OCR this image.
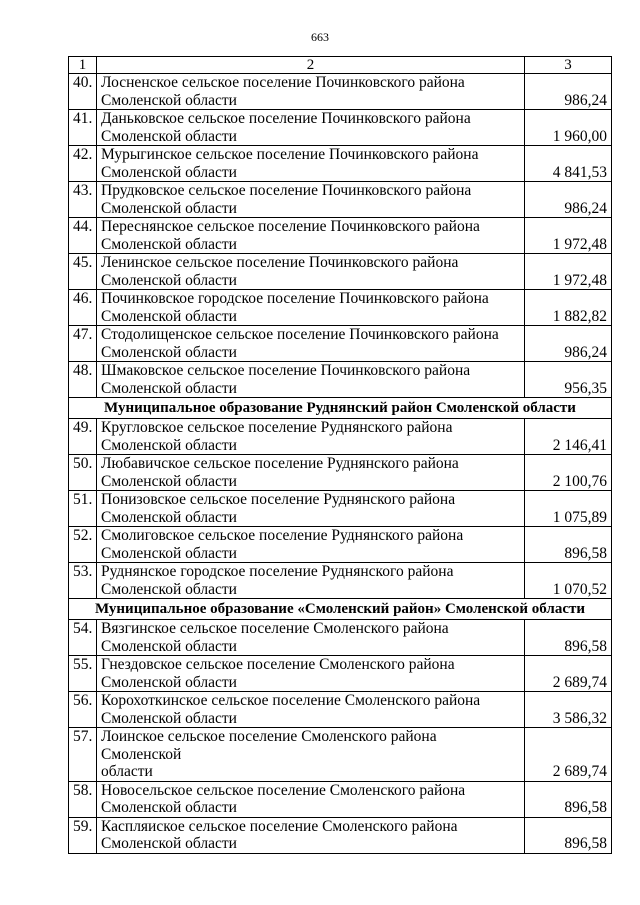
663
1	2	3
40.	Лосненское сельское поселение Починковского района
Смоленской области	986,24
41.	Даньковское сельское поселение Починковского района
Смоленской области	1 960,00
42.	Мурыгинское сельское поселение Починковского района
Смоленской области	4 841,53
43.	Прудковское сельское поселение Починковского района
Смоленской области	986,24
44.	Переснянское сельское поселение Починковского района
Смоленской области	1 972,48
45.	Ленинское сельское поселение Починковского района
Смоленской области	1 972,48
46.	Починковское городское поселение Починковского района
Смоленской области	1 882,82
47.	Стодолищенское сельское поселение Починковского района
Смоленской области	986,24
48.	Шмаковское сельское поселение Починковского района
Смоленской области	956,35
Муниципальное образование Руднянский район Смоленской области		
49.	Кругловское сельское поселение Руднянского района
Смоленской области	2 146,41
50.	Любавичское сельское поселение Руднянского района
Смоленской области	2 100,76
51.	Понизовское сельское поселение Руднянского района
Смоленской области	1 075,89
52.	Смолиговское сельское поселение Руднянского района
Смоленской области	896,58
53.	Руднянское городское поселение Руднянского района
Смоленской области	1 070,52
Муниципальное образование «Смоленский район» Смоленской области		
54.	Вязгинское сельское поселение Смоленского района
Смоленской области	896,58
55.	Гнездовское сельское поселение Смоленского района
Смоленской области	2 689,74
56.	Корохоткинское сельское поселение Смоленского района
Смоленской области	3 586,32
57.	Лоинское сельское поселение Смоленского района Смоленской
области	2 689,74
58.	Новосельское сельское поселение Смоленского района
Смоленской области	896,58
59.	Каспляиское сельское поселение Смоленского района
Смоленской области	896,58
